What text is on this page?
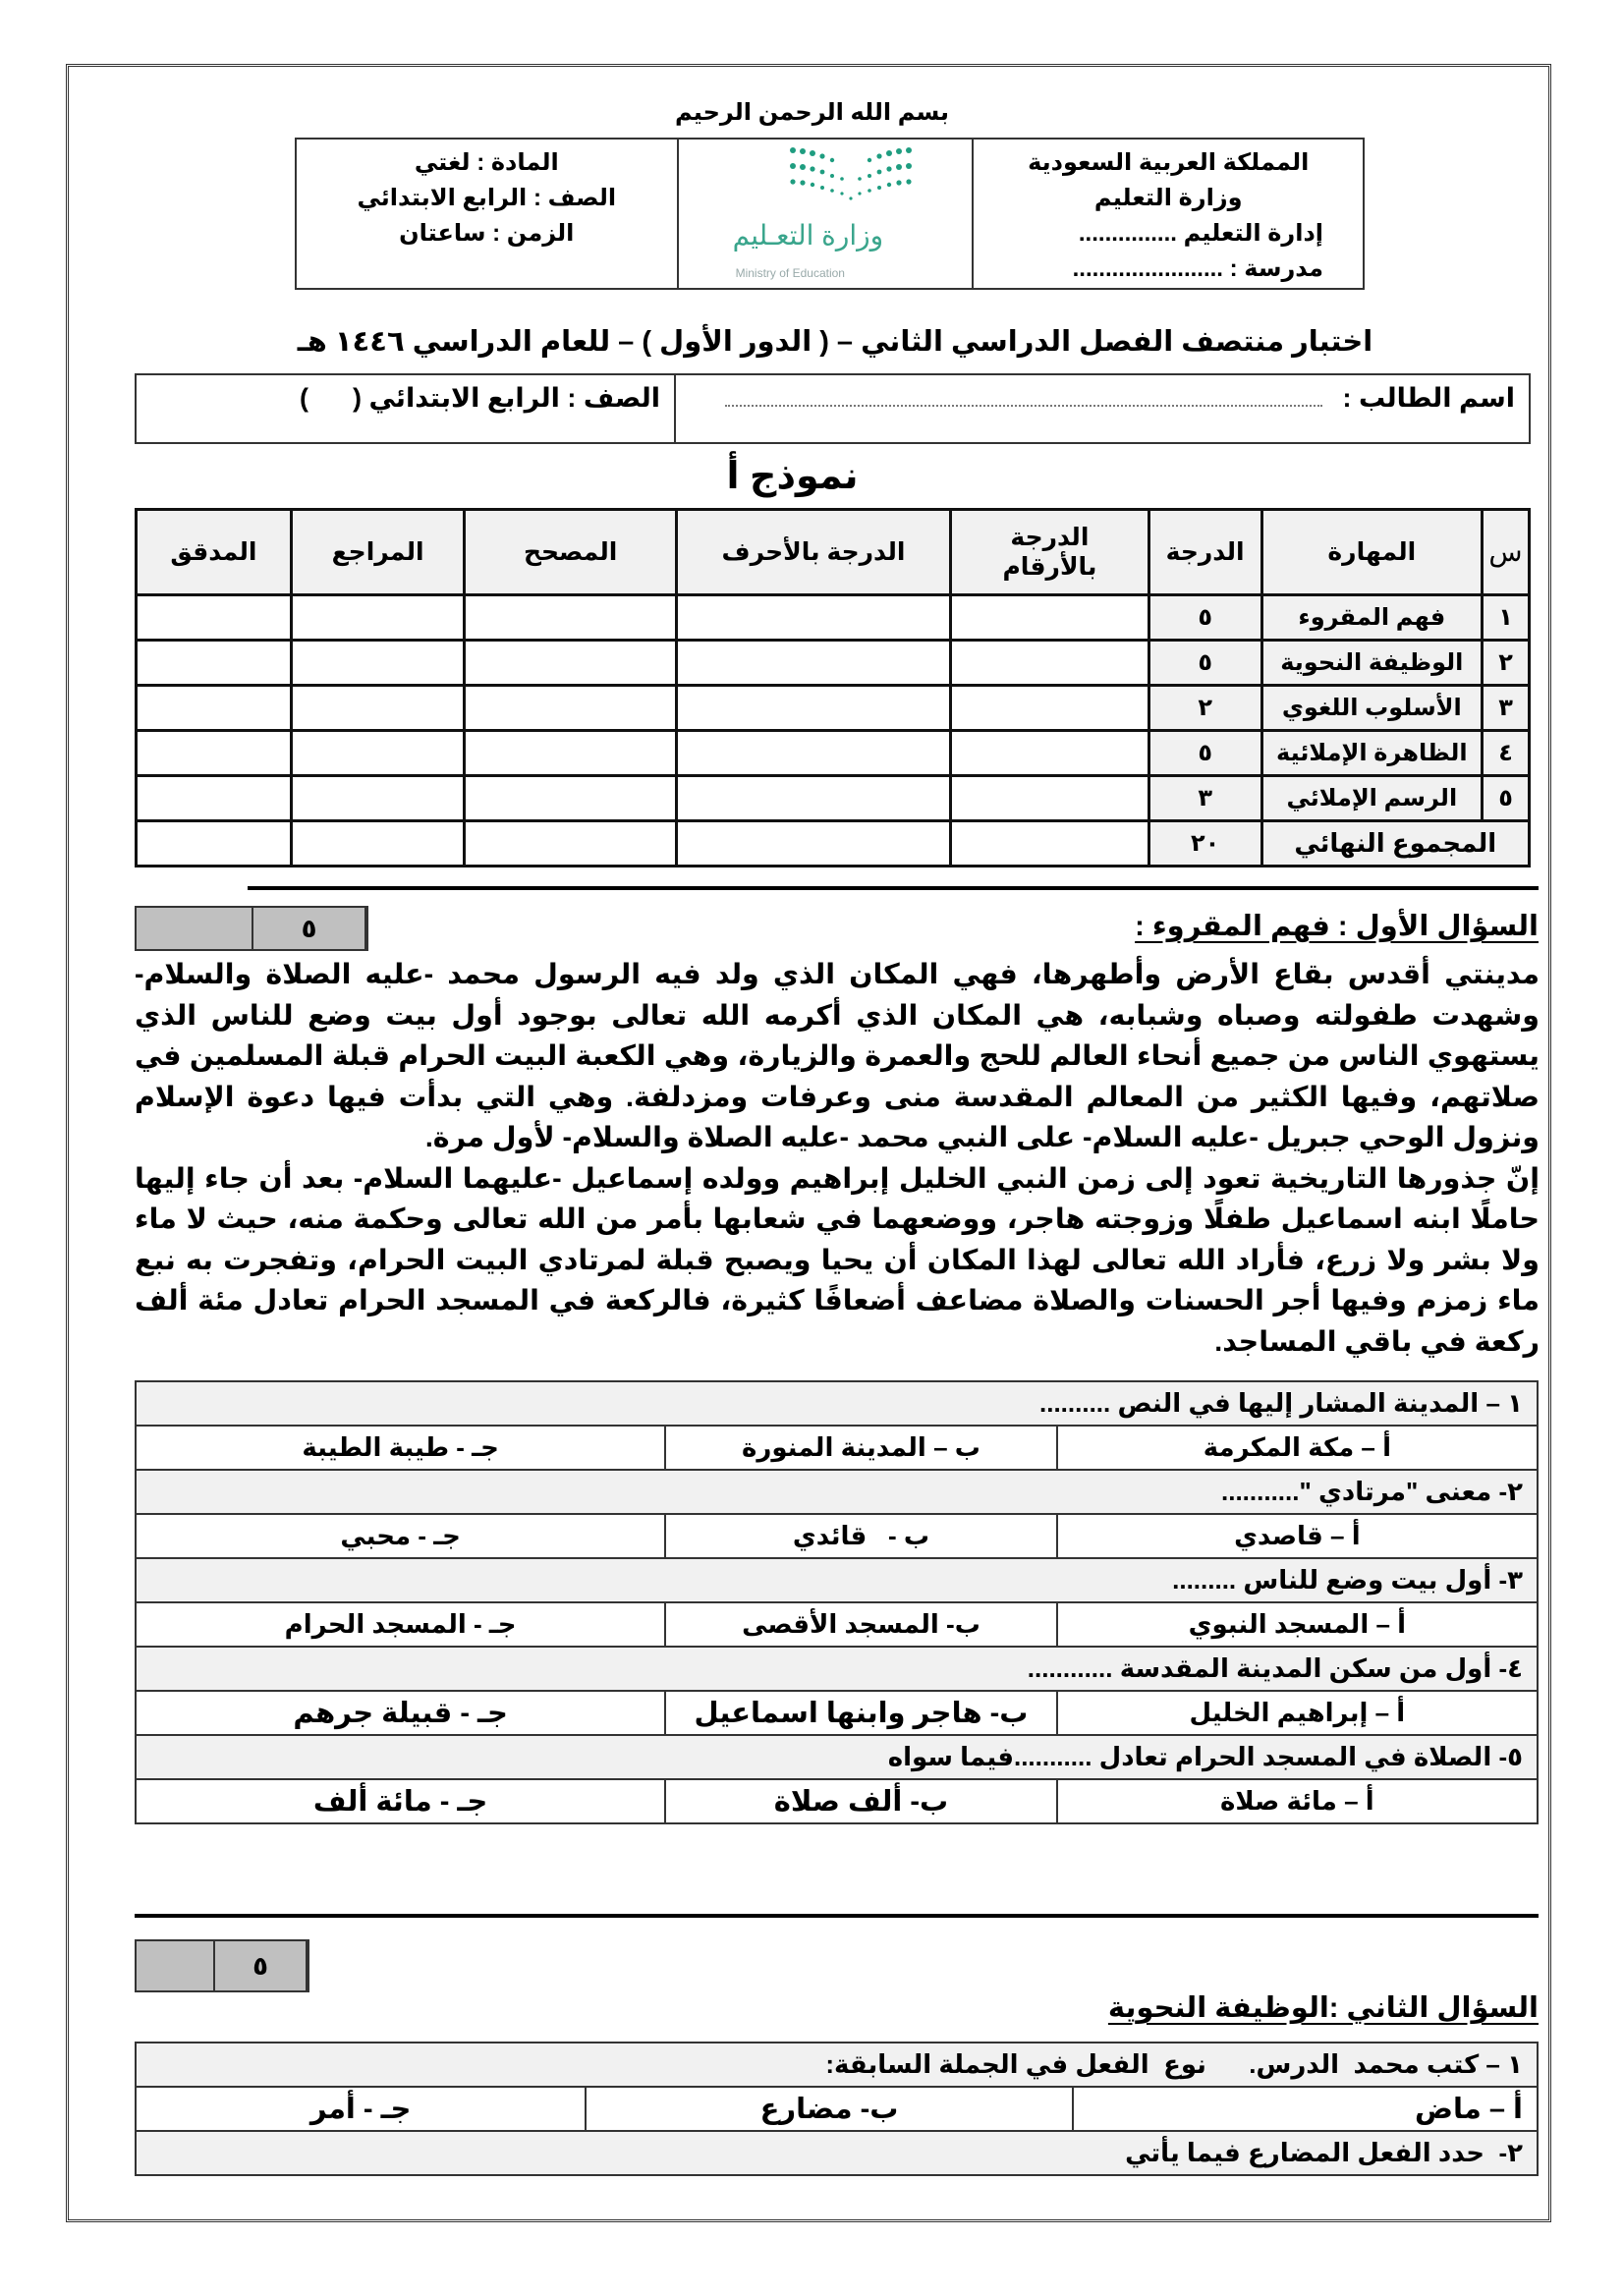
بسم الله الرحمن الرحيم
المملكة العربية السعودية
وزارة التعليم
إدارة التعليم ...............
مدرسة : .......................
وزارة التعـليم
Ministry of Education
المادة : لغتي
الصف : الرابع الابتدائي
الزمن : ساعتان
اختبار منتصف الفصل الدراسي الثاني – ( الدور الأول ) – للعام الدراسي ١٤٤٦ هـ
اسم الطالب :
الصف : الرابع الابتدائي (      )
نموذج أ
س	المهارة	الدرجة	الدرجة بالأرقام	الدرجة بالأحرف	المصحح	المراجع	المدقق
١	فهم المقروء	٥					
٢	الوظيفة النحوية	٥					
٣	الأسلوب اللغوي	٢					
٤	الظاهرة الإملائية	٥					
٥	الرسم الإملائي	٣					
المجموع النهائي		٢٠					
٥	السؤال الأول : فهم المقروء :

مدينتي أقدس بقاع الأرض وأطهرها، فهي المكان الذي ولد فيه الرسول محمد -عليه الصلاة والسلام- وشهدت طفولته وصباه وشبابه، هي المكان الذي أكرمه الله تعالى بوجود أول بيت وضع للناس الذي يستهوي الناس من جميع أنحاء العالم للحج والعمرة والزيارة، وهي الكعبة البيت الحرام قبلة المسلمين في صلاتهم، وفيها الكثير من المعالم المقدسة منى وعرفات ومزدلفة. وهي التي بدأت فيها دعوة الإسلام ونزول الوحي جبريل -عليه السلام- على النبي محمد -عليه الصلاة والسلام- لأول مرة.

إنّ جذورها التاريخية تعود إلى زمن النبي الخليل إبراهيم وولده إسماعيل -عليهما السلام- بعد أن جاء إليها حاملًا ابنه اسماعيل طفلًا وزوجته هاجر، ووضعهما في شعابها بأمر من الله تعالى وحكمة منه، حيث لا ماء ولا بشر ولا زرع، فأراد الله تعالى لهذا المكان أن يحيا ويصبح قبلة لمرتادي البيت الحرام، وتفجرت به نبع ماء زمزم وفيها أجر الحسنات والصلاة مضاعف أضعافًا كثيرة، فالركعة في المسجد الحرام تعادل مئة ألف ركعة في باقي المساجد.

١ – المدينة المشار إليها في النص ..........		
أ – مكة المكرمة	ب – المدينة المنورة	جـ - طيبة الطيبة
٢- معنى "مرتادي "...........		
أ – قاصدي	ب -   قائدي	جـ - محبي
٣- أول بيت وضع للناس .........		
أ – المسجد النبوي	ب- المسجد الأقصى	جـ - المسجد الحرام
٤- أول من سكن المدينة المقدسة ............		
أ – إبراهيم الخليل	ب- هاجر وابنها اسماعيل	جـ - قبيلة جرهم
٥- الصلاة في المسجد الحرام تعادل ...........فيما سواه		
أ – مائة صلاة	ب- ألف صلاة	جـ - مائة ألف
٥
السؤال الثاني :الوظيفة النحوية
١ – كتب محمد  الدرس.      نوع  الفعل في الجملة السابقة:
أ – ماض	ب- مضارع	جـ - أمر
٢-  حدد الفعل المضارع فيما يأتي
